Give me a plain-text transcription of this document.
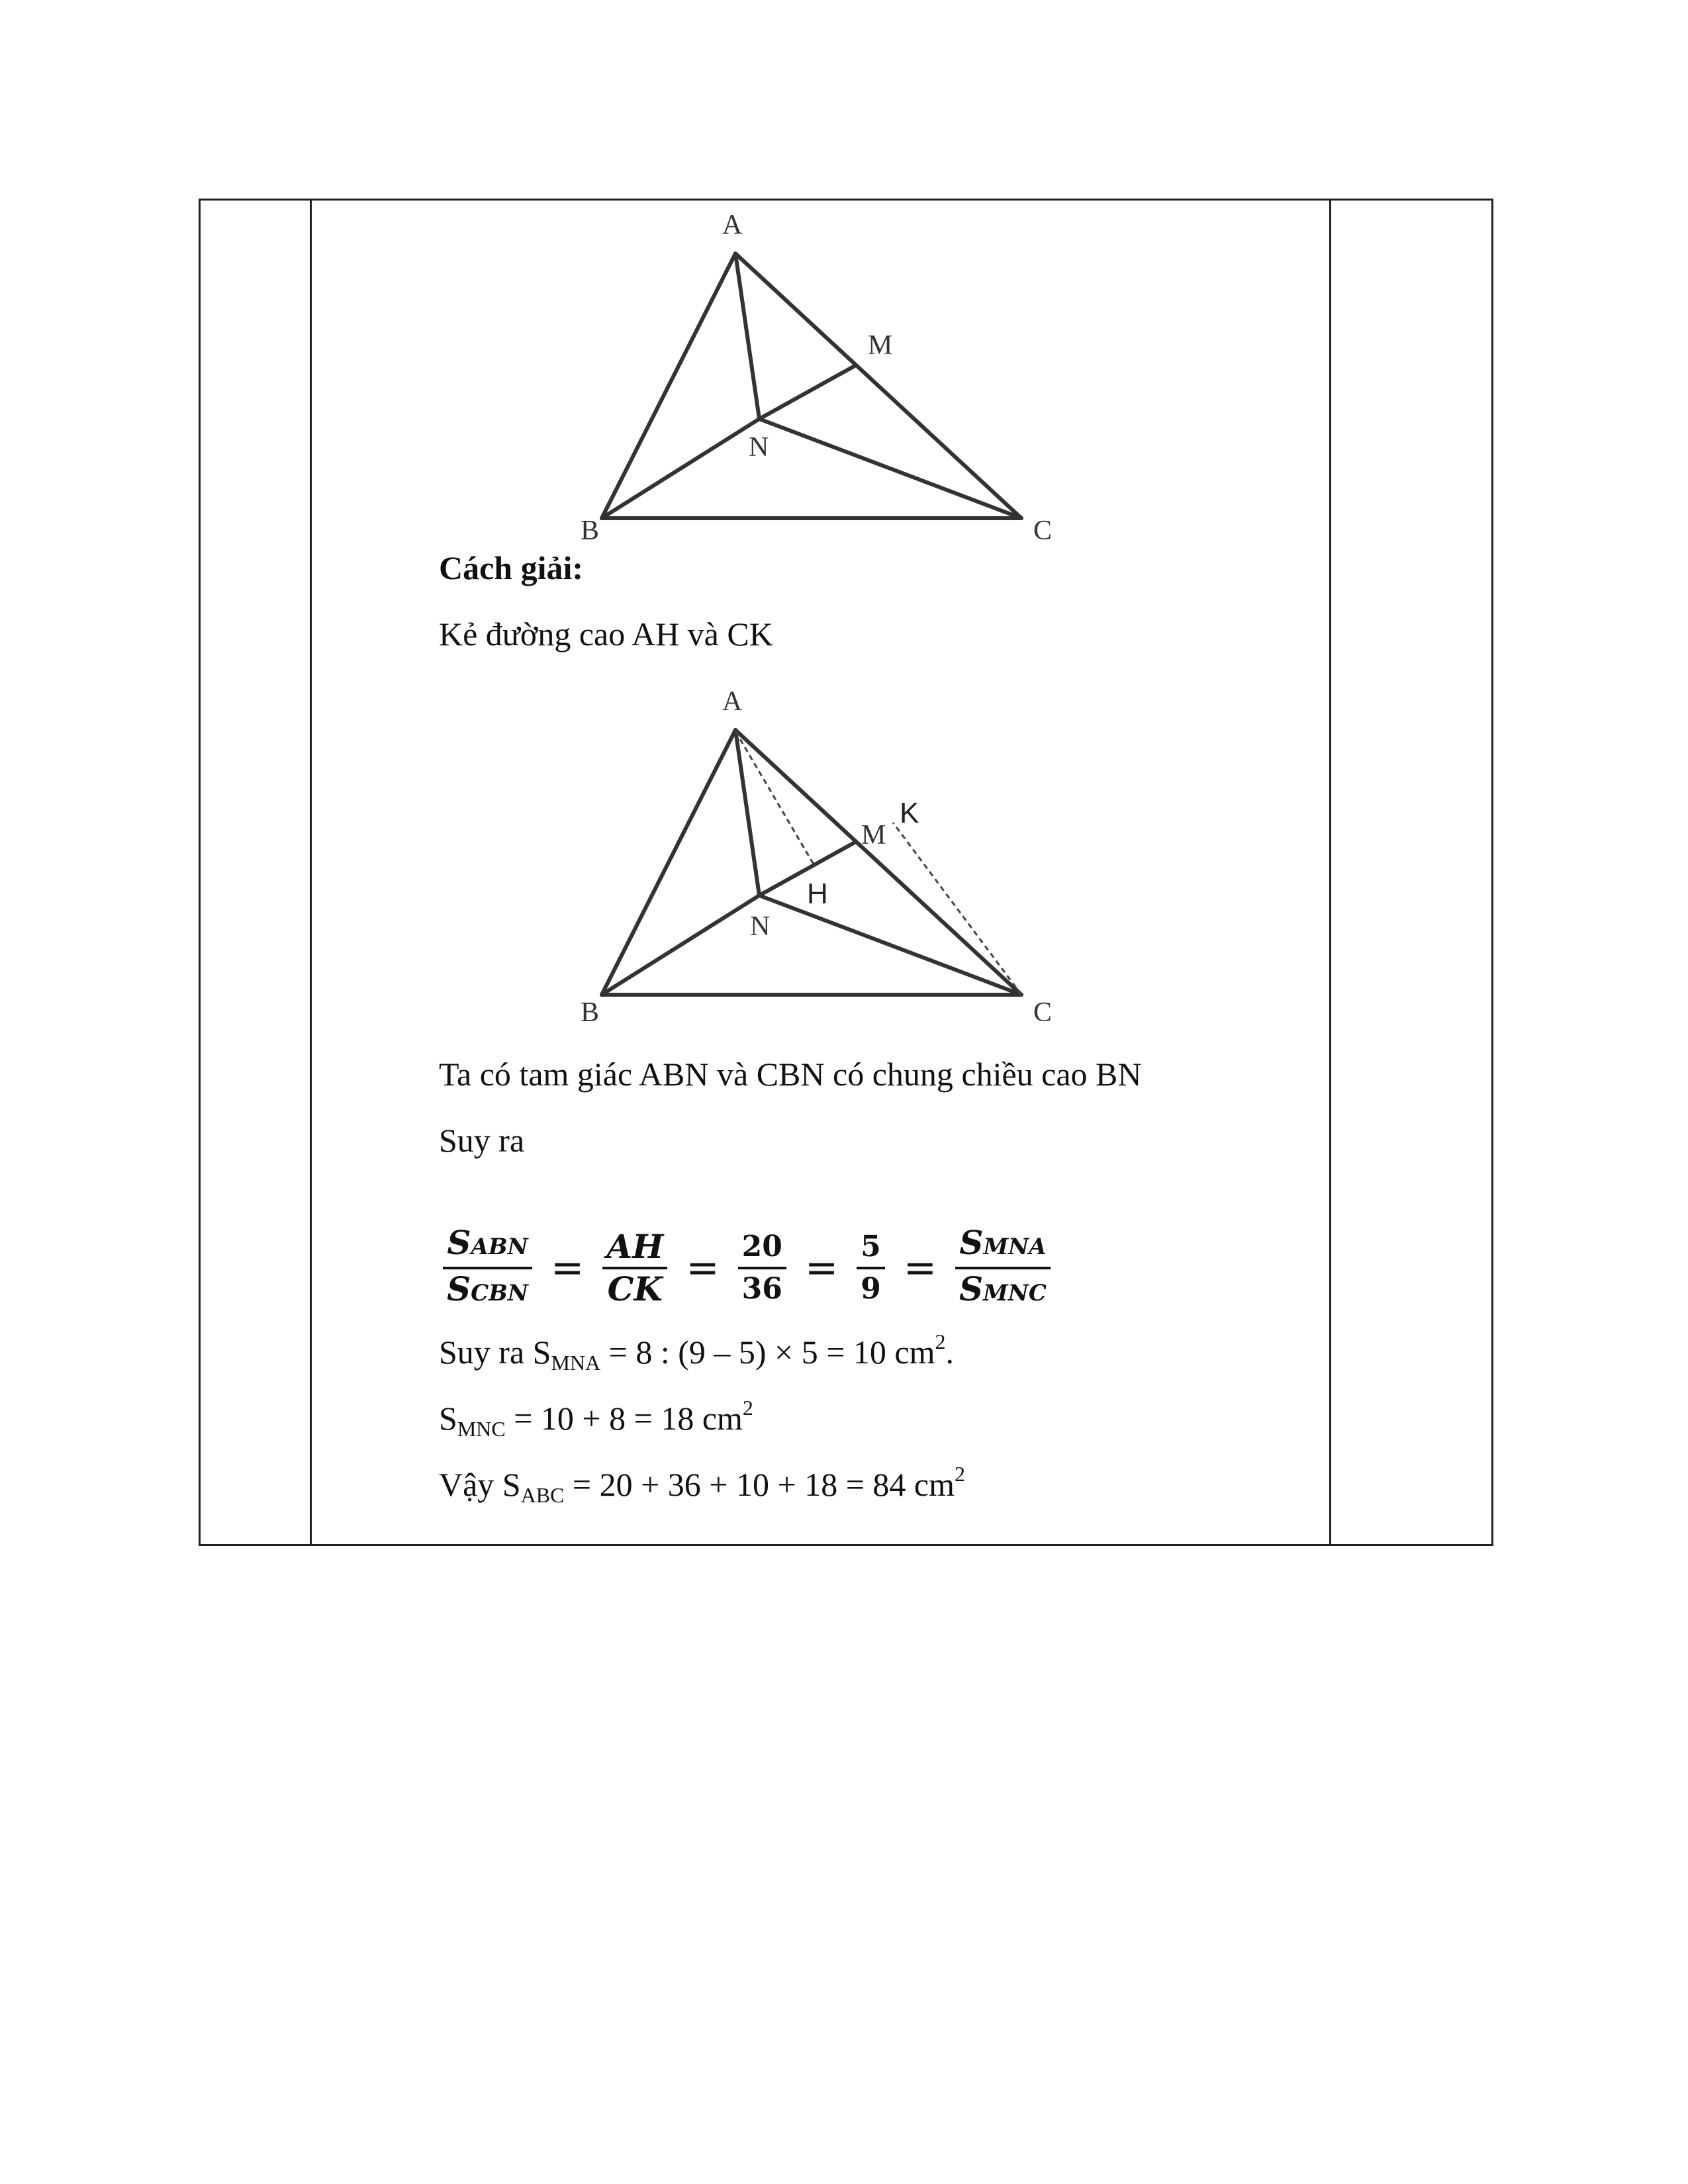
A
B	C
M
N
Cách giải:
Kẻ đường cao AH và CK
A
B	C
M
N
H
K
Ta có tam giác ABN và CBN có chung chiều cao BN
Suy ra
$\frac{\text{SABN}}{\text{SCBN}} = \frac{AH}{CK} = \frac{20}{36} = \frac{5}{9} = \frac{\text{SMNA}}{\text{SMNC}}$
Suy ra $S_{MNA} = 8$ : (9 – 5) × 5 = 10 $cm^2$.
$S_{MNC} = 10 + 8 = 18$ $cm^2$
Vậy $S_{ABC} = 20 + 36 + 10 + 18 = 84$ $cm^2$
